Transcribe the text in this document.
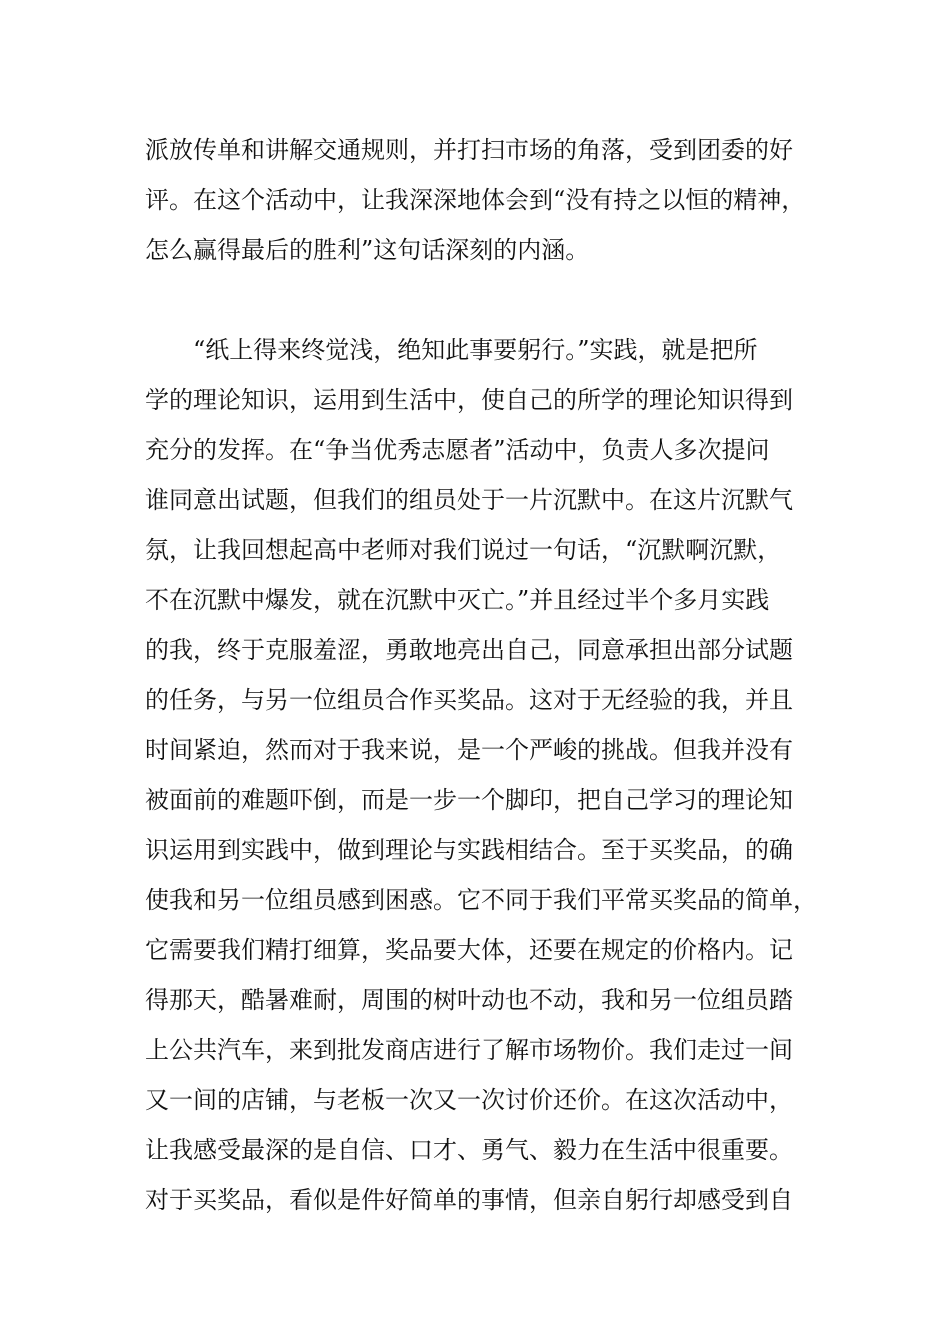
派放传单和讲解交通规则，并打扫市场的角落，受到团委的好
评。在这个活动中，让我深深地体会到“没有持之以恒的精神，
怎么赢得最后的胜利”这句话深刻的内涵。
“纸上得来终觉浅，绝知此事要躬行。”实践，就是把所
学的理论知识，运用到生活中，使自己的所学的理论知识得到
充分的发挥。在“争当优秀志愿者”活动中，负责人多次提问
谁同意出试题，但我们的组员处于一片沉默中。在这片沉默气
氛，让我回想起高中老师对我们说过一句话，“沉默啊沉默，
不在沉默中爆发，就在沉默中灭亡。”并且经过半个多月实践
的我，终于克服羞涩，勇敢地亮出自己，同意承担出部分试题
的任务，与另一位组员合作买奖品。这对于无经验的我，并且
时间紧迫，然而对于我来说，是一个严峻的挑战。但我并没有
被面前的难题吓倒，而是一步一个脚印，把自己学习的理论知
识运用到实践中，做到理论与实践相结合。至于买奖品，的确
使我和另一位组员感到困惑。它不同于我们平常买奖品的简单，
它需要我们精打细算，奖品要大体，还要在规定的价格内。记
得那天，酷暑难耐，周围的树叶动也不动，我和另一位组员踏
上公共汽车，来到批发商店进行了解市场物价。我们走过一间
又一间的店铺，与老板一次又一次讨价还价。在这次活动中，
让我感受最深的是自信、口才、勇气、毅力在生活中很重要。
对于买奖品，看似是件好简单的事情，但亲自躬行却感受到自
